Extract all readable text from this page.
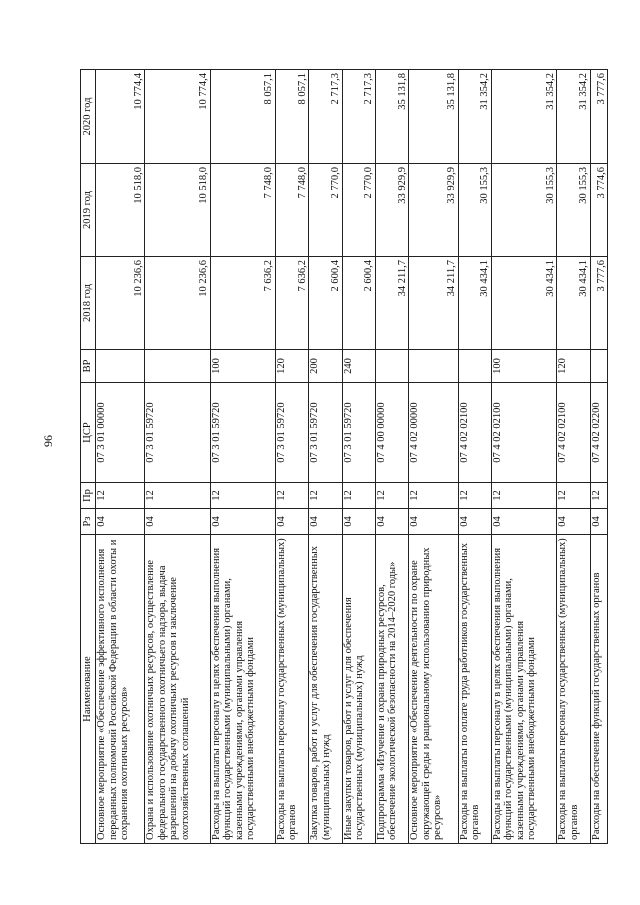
96
Наименование	Рз	Пр	ЦСР	ВР	2018 год	2019 год	2020 год
Основное мероприятие «Обеспечение эффективного исполнения переданных полномочий Российской Федерации в области охоты и сохранения охотничьих ресурсов»	04	12	07 3 01 00000		10 236,6	10 518,0	10 774,4
Охрана и использование охотничьих ресурсов, осуществление федерального государственного охотничьего надзора, выдача разрешений на добычу охотничьих ресурсов и заключение охотхозяйственных соглашений	04	12	07 3 01 59720		10 236,6	10 518,0	10 774,4
Расходы на выплаты персоналу в целях обеспечения выполнения функций государственными (муниципальными) органами, казенными учреждениями, органами управления государственными внебюджетными фондами	04	12	07 3 01 59720	100	7 636,2	7 748,0	8 057,1
Расходы на выплаты персоналу государственных (муниципальных) органов	04	12	07 3 01 59720	120	7 636,2	7 748,0	8 057,1
Закупка товаров, работ и услуг для обеспечения государственных (муниципальных) нужд	04	12	07 3 01 59720	200	2 600,4	2 770,0	2 717,3
Иные закупки товаров, работ и услуг для обеспечения государственных (муниципальных) нужд	04	12	07 3 01 59720	240	2 600,4	2 770,0	2 717,3
Подпрограмма «Изучение и охрана природных ресурсов, обеспечение экологической безопасности на 2014–2020 годы»	04	12	07 4 00 00000		34 211,7	33 929,9	35 131,8
Основное мероприятие «Обеспечение деятельности по охране окружающей среды и рациональному использованию природных ресурсов»	04	12	07 4 02 00000		34 211,7	33 929,9	35 131,8
Расходы на выплаты по оплате труда работников государственных органов	04	12	07 4 02 02100		30 434,1	30 155,3	31 354,2
Расходы на выплаты персоналу в целях обеспечения выполнения функций государственными (муниципальными) органами, казенными учреждениями, органами управления государственными внебюджетными фондами	04	12	07 4 02 02100	100	30 434,1	30 155,3	31 354,2
Расходы на выплаты персоналу государственных (муниципальных) органов	04	12	07 4 02 02100	120	30 434,1	30 155,3	31 354,2
Расходы на обеспечение функций государственных органов	04	12	07 4 02 02200		3 777,6	3 774,6	3 777,6
